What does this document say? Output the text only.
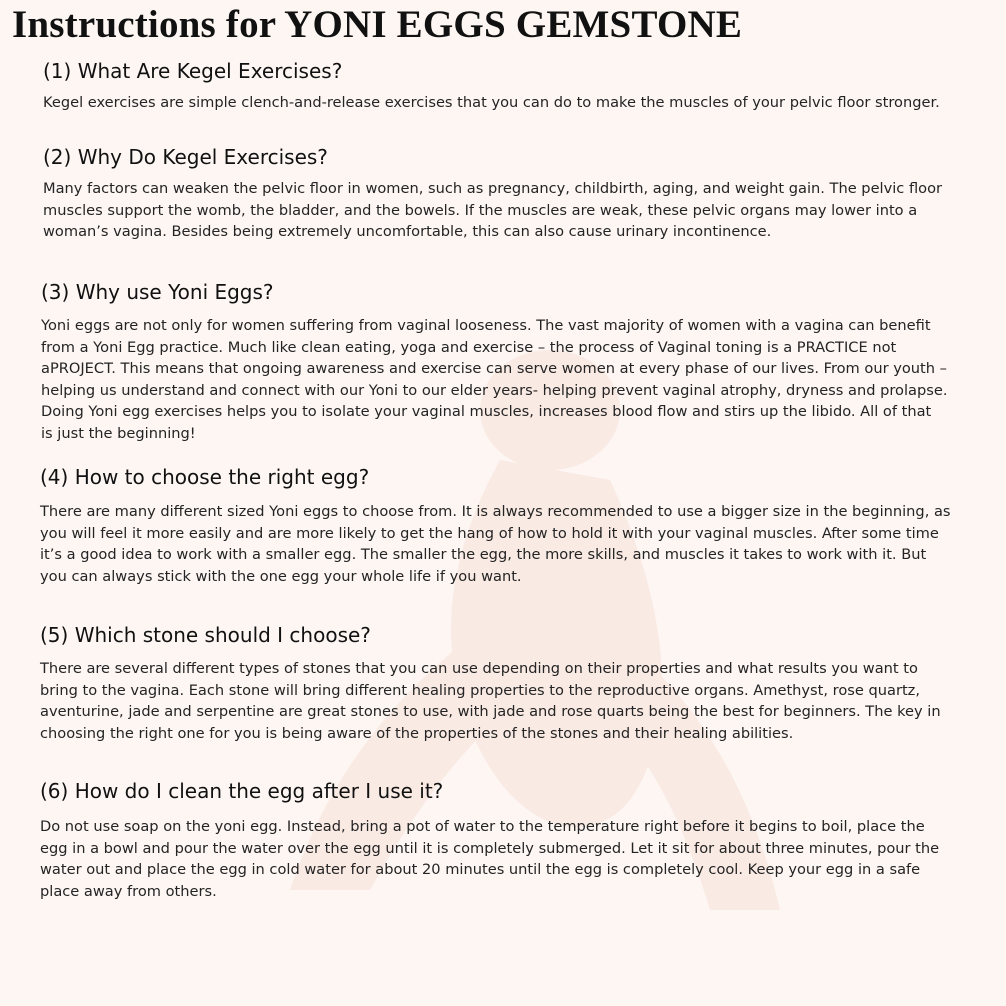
Instructions for YONI EGGS GEMSTONE
(1) What Are Kegel Exercises?
Kegel exercises are simple clench-and-release exercises that you can do to make the muscles of your pelvic floor stronger.
(2) Why Do Kegel Exercises?
Many factors can weaken the pelvic floor in women, such as pregnancy, childbirth, aging, and weight gain. The pelvic floor
muscles support the womb, the bladder, and the bowels. If the muscles are weak, these pelvic organs may lower into a
woman’s vagina. Besides being extremely uncomfortable, this can also cause urinary incontinence.
(3) Why use Yoni Eggs?
Yoni eggs are not only for women suffering from vaginal looseness. The vast majority of women with a vagina can benefit
from a Yoni Egg practice. Much like clean eating, yoga and exercise – the process of Vaginal toning is a PRACTICE not
aPROJECT. This means that ongoing awareness and exercise can serve women at every phase of our lives. From our youth –
helping us understand and connect with our Yoni to our elder years- helping prevent vaginal atrophy, dryness and prolapse.
Doing Yoni egg exercises helps you to isolate your vaginal muscles, increases blood flow and stirs up the libido. All of that
is just the beginning!
(4) How to choose the right egg?
There are many different sized Yoni eggs to choose from. It is always recommended to use a bigger size in the beginning, as
you will feel it more easily and are more likely to get the hang of how to hold it with your vaginal muscles. After some time
it’s a good idea to work with a smaller egg. The smaller the egg, the more skills, and muscles it takes to work with it. But
you can always stick with the one egg your whole life if you want.
(5) Which stone should I choose?
There are several different types of stones that you can use depending on their properties and what results you want to
bring to the vagina. Each stone will bring different healing properties to the reproductive organs. Amethyst, rose quartz,
aventurine, jade and serpentine are great stones to use, with jade and rose quarts being the best for beginners. The key in
choosing the right one for you is being aware of the properties of the stones and their healing abilities.
(6) How do I clean the egg after I use it?
Do not use soap on the yoni egg. Instead, bring a pot of water to the temperature right before it begins to boil, place the
egg in a bowl and pour the water over the egg until it is completely submerged. Let it sit for about three minutes, pour the
water out and place the egg in cold water for about 20 minutes until the egg is completely cool. Keep your egg in a safe
place away from others.
